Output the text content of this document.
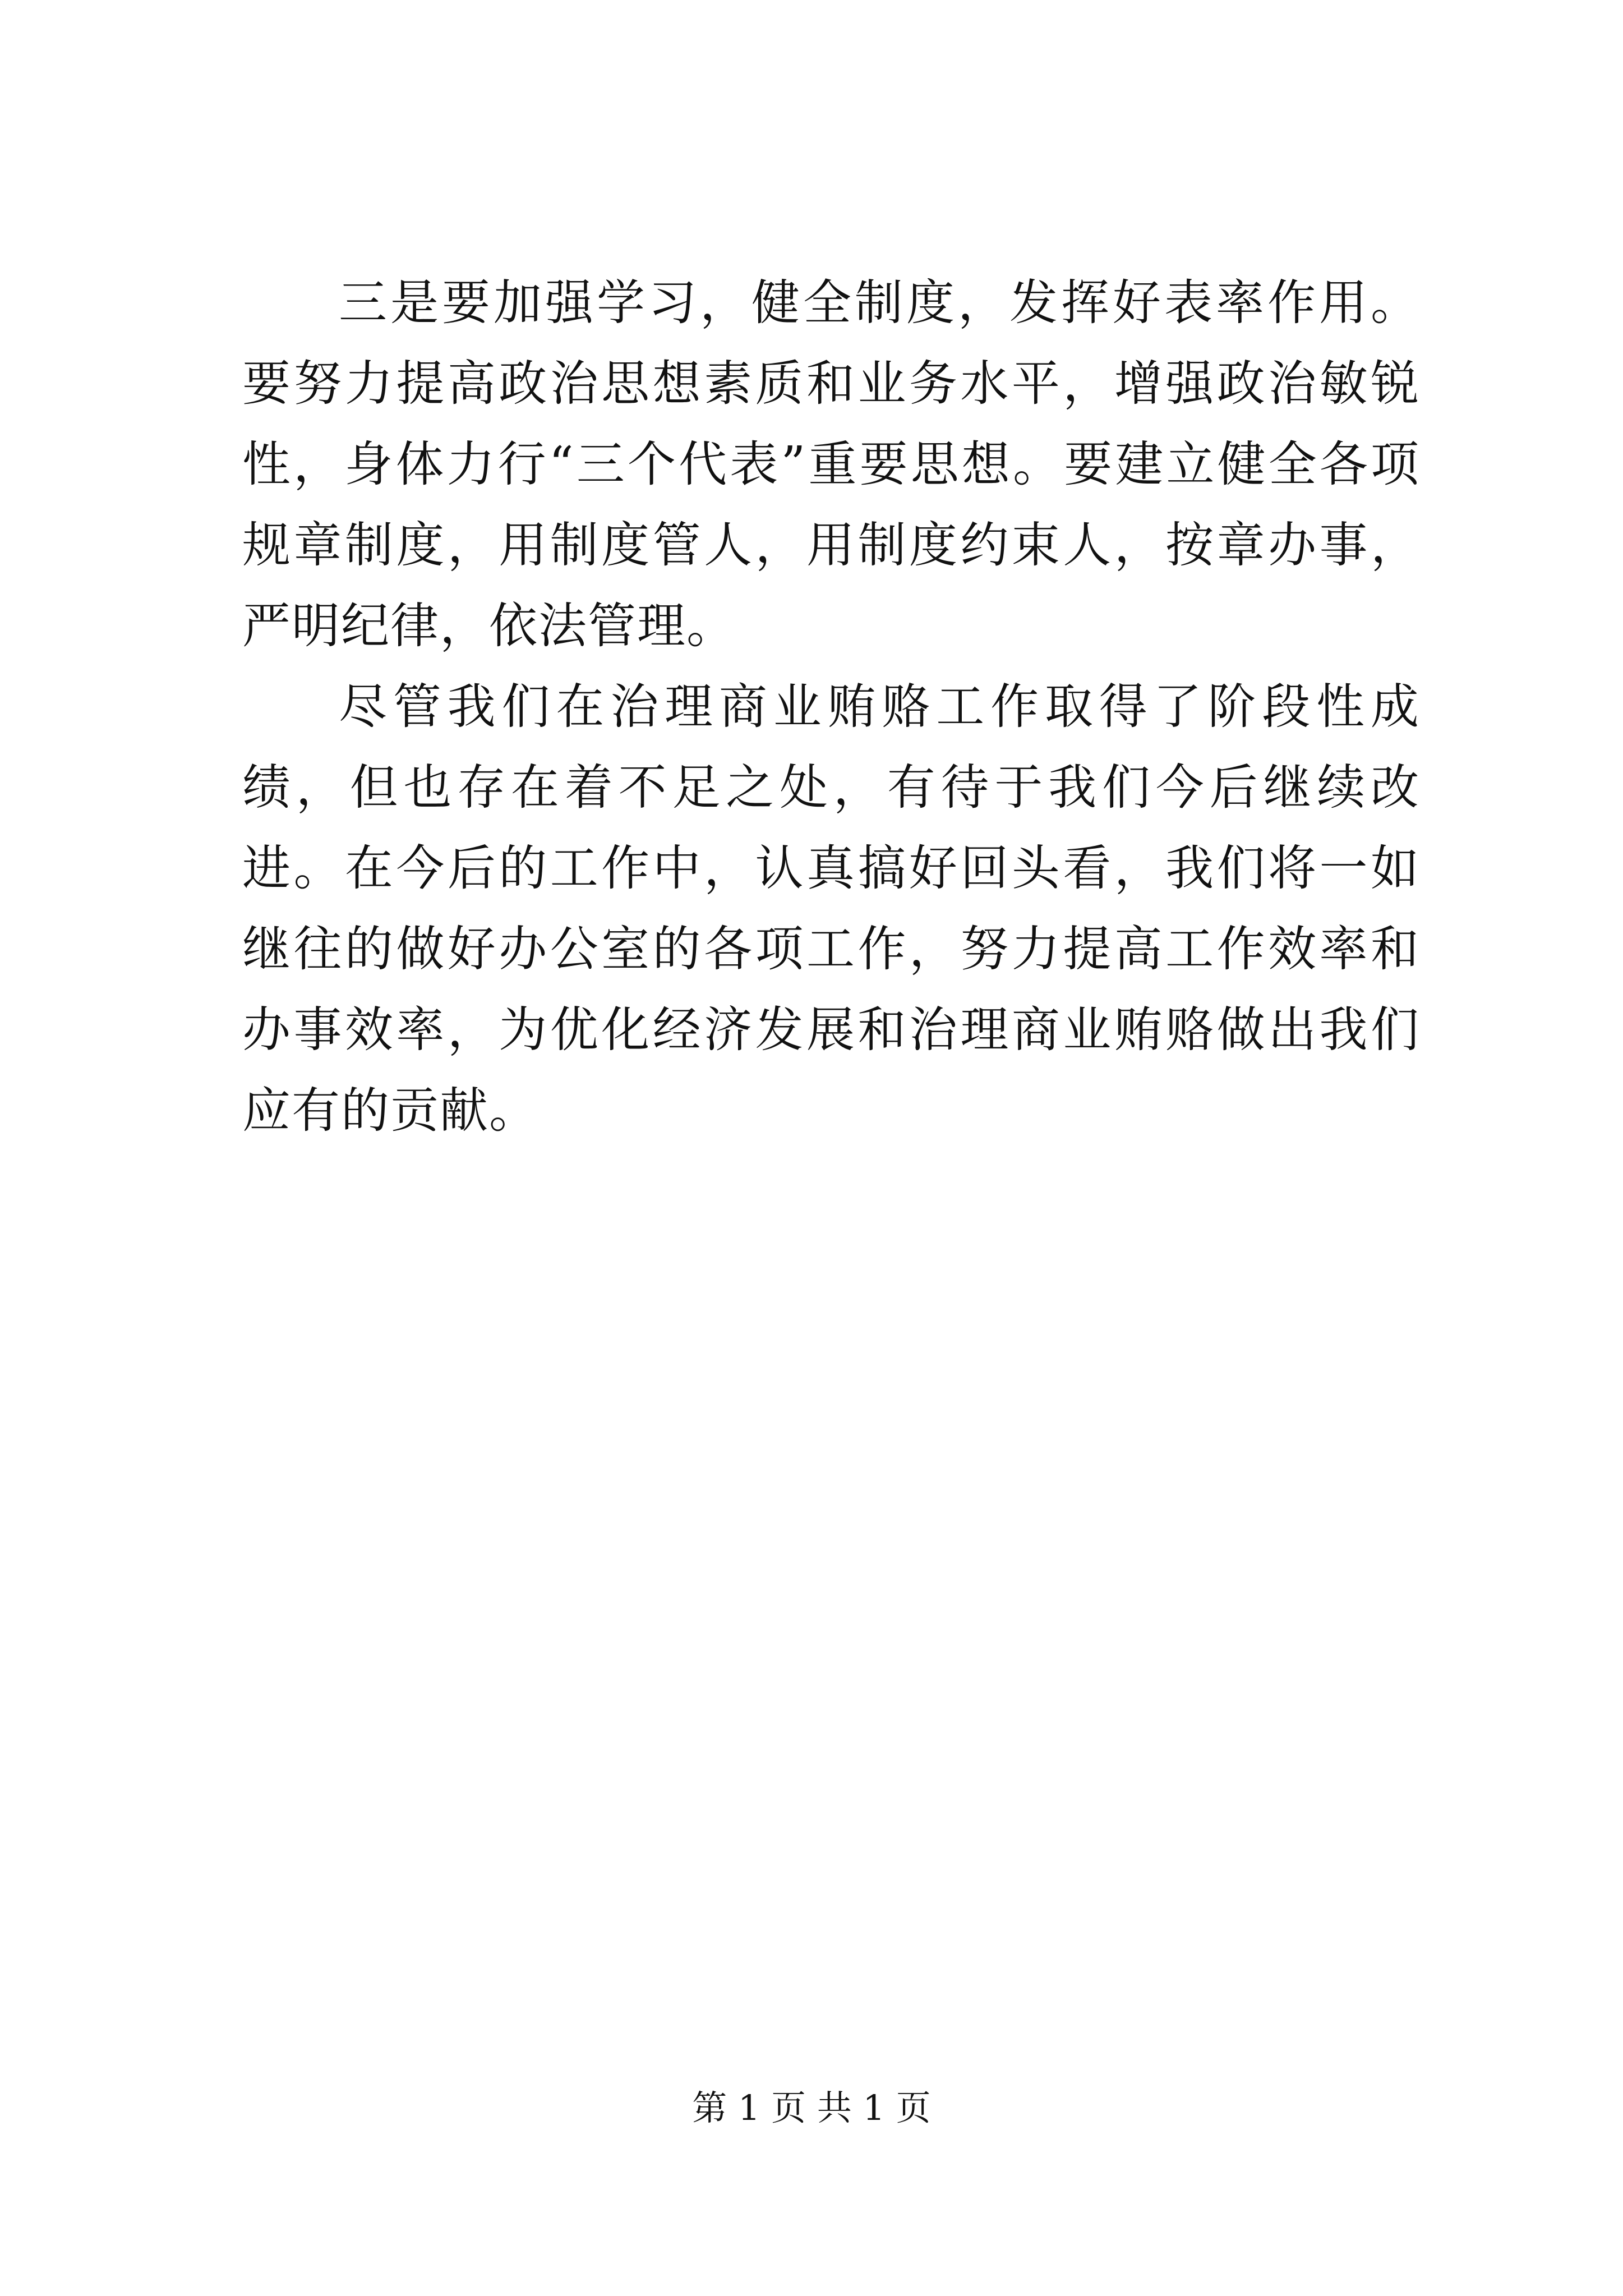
三是要加强学习，健全制度，发挥好表率作用。要努力提高政治思想素质和业务水平，增强政治敏锐性，身体力行“三个代表”重要思想。要建立健全各项规章制度，用制度管人，用制度约束人，按章办事，严明纪律，依法管理。

尽管我们在治理商业贿赂工作取得了阶段性成绩，但也存在着不足之处，有待于我们今后继续改进。在今后的工作中，认真搞好回头看，我们将一如继往的做好办公室的各项工作，努力提高工作效率和办事效率，为优化经济发展和治理商业贿赂做出我们应有的贡献。

第 1 页 共 1 页
